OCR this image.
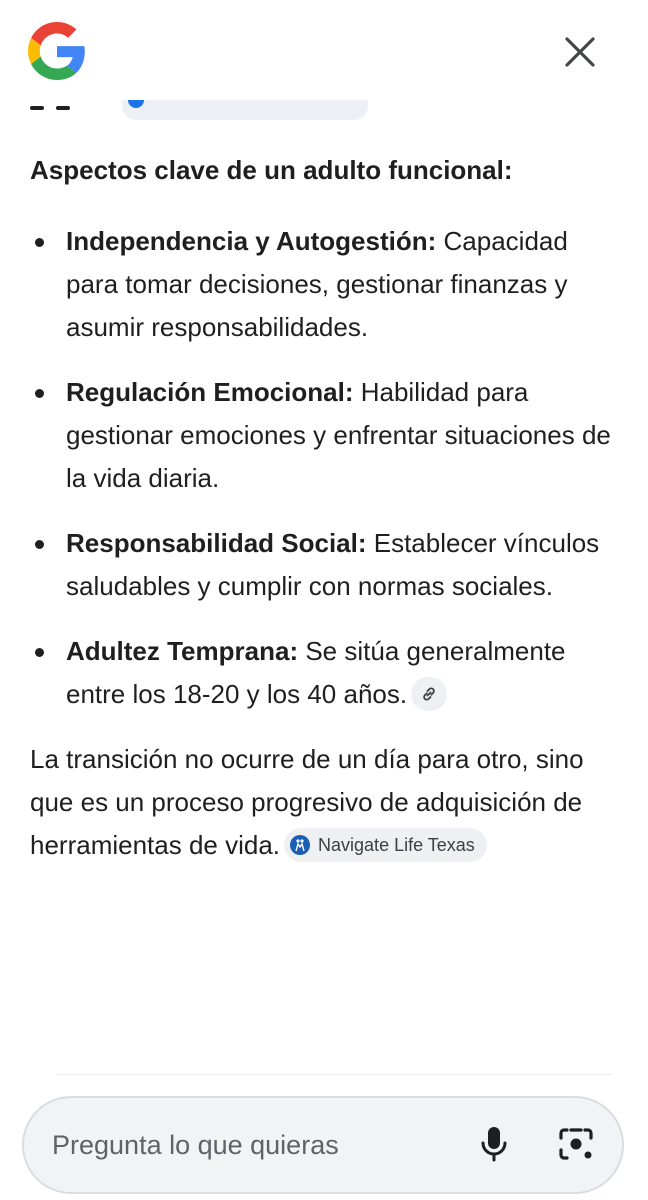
Aspectos clave de un adulto funcional:
Independencia y Autogestión: Capacidad para tomar decisiones, gestionar finanzas y asumir responsabilidades.
Regulación Emocional: Habilidad para gestionar emociones y enfrentar situaciones de la vida diaria.
Responsabilidad Social: Establecer vínculos saludables y cumplir con normas sociales.
Adultez Temprana: Se sitúa generalmente entre los 18-20 y los 40 años.

La transición no ocurre de un día para otro, sino que es un proceso progresivo de adquisición de herramientas de vida. Navigate Life Texas

Pregunta lo que quieras
